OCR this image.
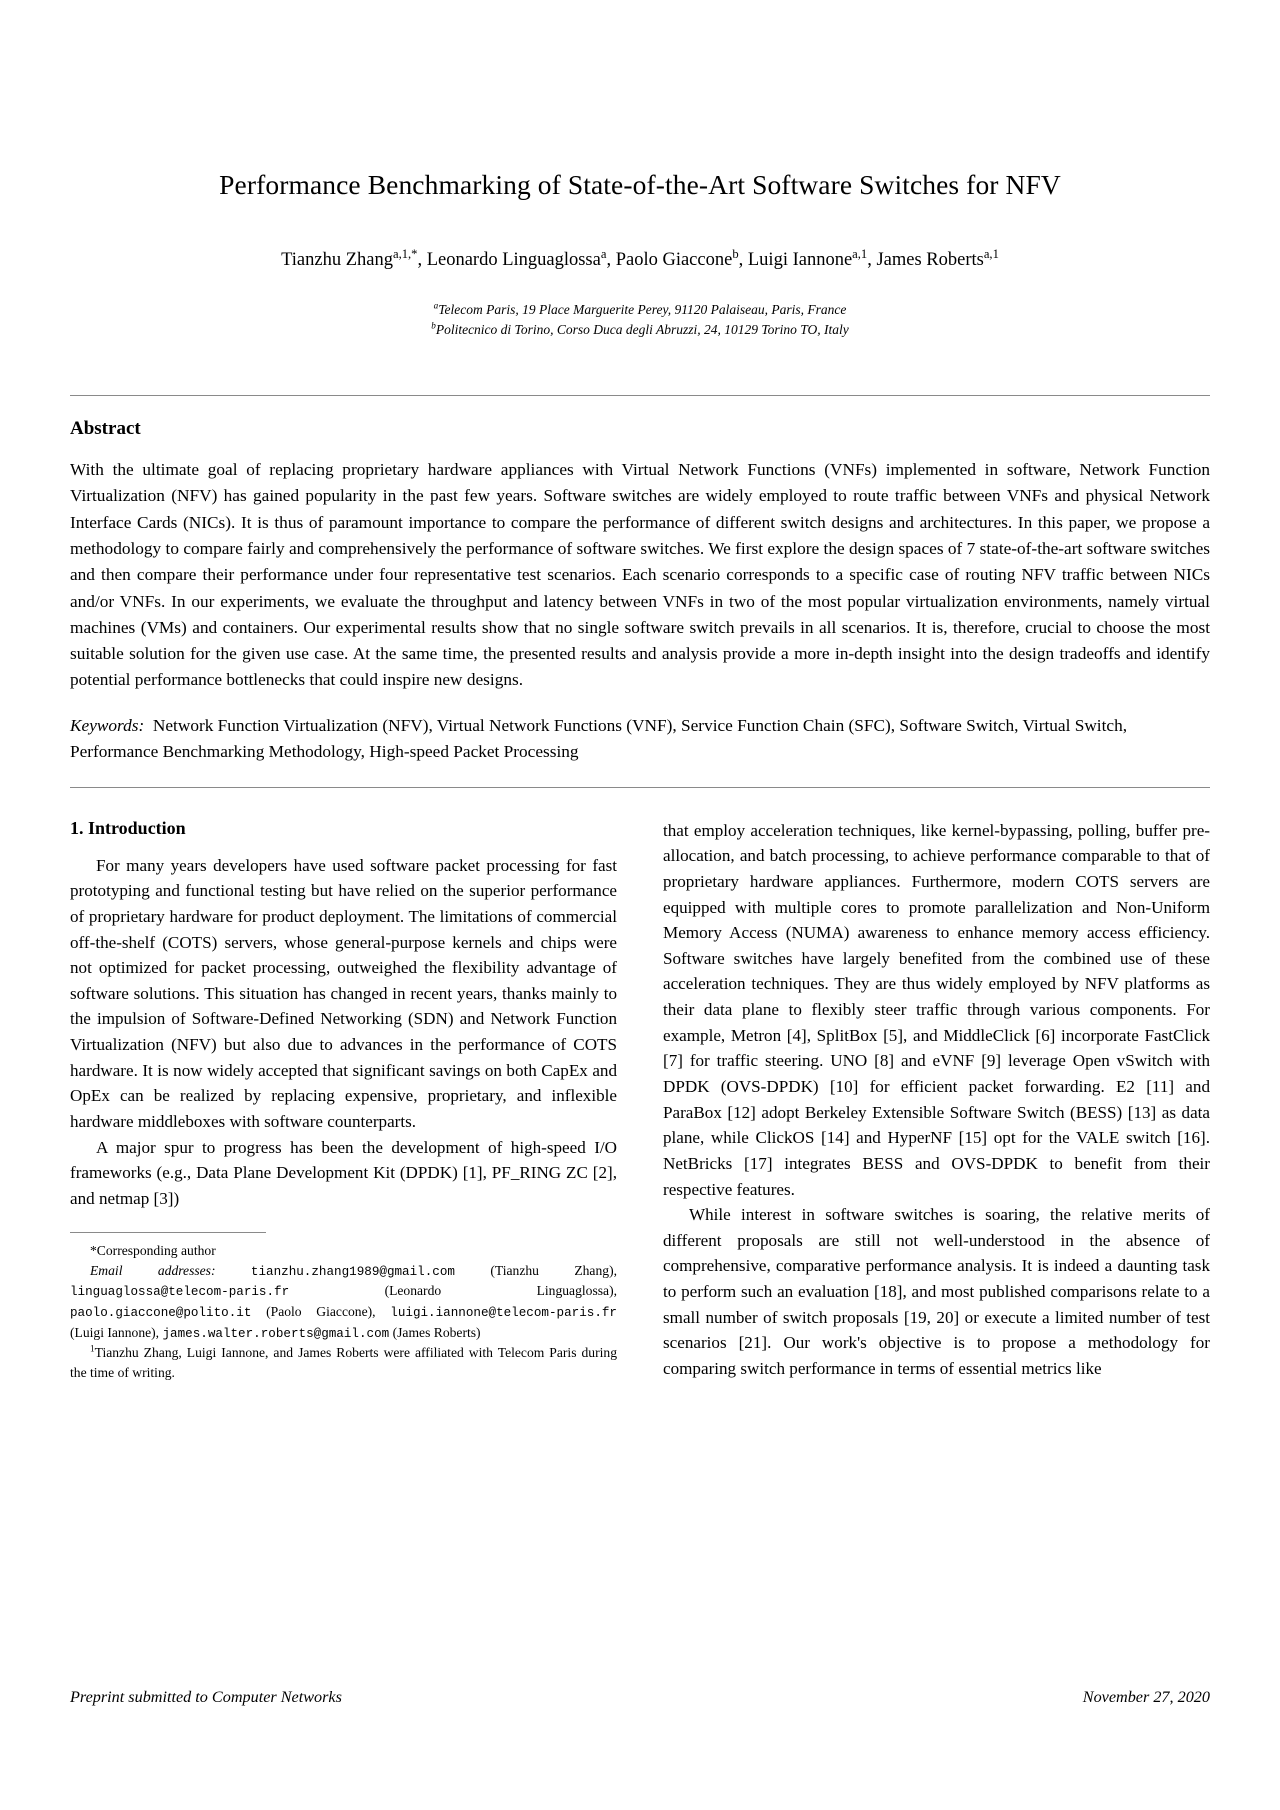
Performance Benchmarking of State-of-the-Art Software Switches for NFV
Tianzhu Zhang$^{a,1,*}$, Leonardo Linguaglossa$^a$, Paolo Giaccone$^b$, Luigi Iannone$^{a,1}$, James Roberts$^{a,1}$
$^a$Telecom Paris, 19 Place Marguerite Perey, 91120 Palaiseau, Paris, France
$^b$Politecnico di Torino, Corso Duca degli Abruzzi, 24, 10129 Torino TO, Italy
Abstract

With the ultimate goal of replacing proprietary hardware appliances with Virtual Network Functions (VNFs) implemented in software, Network Function Virtualization (NFV) has gained popularity in the past few years. Software switches are widely employed to route traffic between VNFs and physical Network Interface Cards (NICs). It is thus of paramount importance to compare the performance of different switch designs and architectures. In this paper, we propose a methodology to compare fairly and comprehensively the performance of software switches. We first explore the design spaces of 7 state-of-the-art software switches and then compare their performance under four representative test scenarios. Each scenario corresponds to a specific case of routing NFV traffic between NICs and/or VNFs. In our experiments, we evaluate the throughput and latency between VNFs in two of the most popular virtualization environments, namely virtual machines (VMs) and containers. Our experimental results show that no single software switch prevails in all scenarios. It is, therefore, crucial to choose the most suitable solution for the given use case. At the same time, the presented results and analysis provide a more in-depth insight into the design tradeoffs and identify potential performance bottlenecks that could inspire new designs.

Keywords: Network Function Virtualization (NFV), Virtual Network Functions (VNF), Service Function Chain (SFC), Software Switch, Virtual Switch, Performance Benchmarking Methodology, High-speed Packet Processing

1. Introduction

For many years developers have used software packet processing for fast prototyping and functional testing but have relied on the superior performance of proprietary hardware for product deployment. The limitations of commercial off-the-shelf (COTS) servers, whose general-purpose kernels and chips were not optimized for packet processing, outweighed the flexibility advantage of software solutions. This situation has changed in recent years, thanks mainly to the impulsion of Software-Defined Networking (SDN) and Network Function Virtualization (NFV) but also due to advances in the performance of COTS hardware. It is now widely accepted that significant savings on both CapEx and OpEx can be realized by replacing expensive, proprietary, and inflexible hardware middleboxes with software counterparts.

A major spur to progress has been the development of high-speed I/O frameworks (e.g., Data Plane Development Kit (DPDK) [1], PF_RING ZC [2], and netmap [3])

*Corresponding author

Email addresses:	tianzhu.zhang1989@gmail.com (Tianzhu Zhang), linguaglossa@telecom-paris.fr (Leonardo Linguaglossa), paolo.giaccone@polito.it (Paolo Giaccone), luigi.iannone@telecom-paris.fr (Luigi Iannone), james.walter.roberts@gmail.com (James Roberts)

$^1$Tianzhu Zhang, Luigi Iannone, and James Roberts were affiliated with Telecom Paris during the time of writing.

that employ acceleration techniques, like kernel-bypassing, polling, buffer pre-allocation, and batch processing, to achieve performance comparable to that of proprietary hardware appliances. Furthermore, modern COTS servers are equipped with multiple cores to promote parallelization and Non-Uniform Memory Access (NUMA) awareness to enhance memory access efficiency. Software switches have largely benefited from the combined use of these acceleration techniques. They are thus widely employed by NFV platforms as their data plane to flexibly steer traffic through various components. For example, Metron [4], SplitBox [5], and MiddleClick [6] incorporate FastClick [7] for traffic steering. UNO [8] and eVNF [9] leverage Open vSwitch with DPDK (OVS-DPDK) [10] for efficient packet forwarding. E2 [11] and ParaBox [12] adopt Berkeley Extensible Software Switch (BESS) [13] as data plane, while ClickOS [14] and HyperNF [15] opt for the VALE switch [16]. NetBricks [17] integrates BESS and OVS-DPDK to benefit from their respective features.

While interest in software switches is soaring, the relative merits of different proposals are still not well-understood in the absence of comprehensive, comparative performance analysis. It is indeed a daunting task to perform such an evaluation [18], and most published comparisons relate to a small number of switch proposals [19, 20] or execute a limited number of test scenarios [21]. Our work's objective is to propose a methodology for comparing switch performance in terms of essential metrics like

Preprint submitted to Computer Networks	November 27, 2020
